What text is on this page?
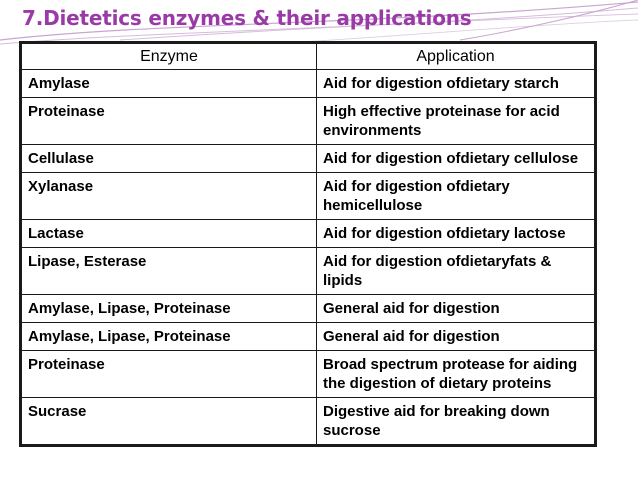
7.Dietetics enzymes & their applications
Enzyme	Application
Amylase	Aid for digestion ofdietary starch
Proteinase	High effective proteinase for acid environments
Cellulase	Aid for digestion ofdietary cellulose
Xylanase	Aid for digestion ofdietary hemicellulose
Lactase	Aid for digestion ofdietary lactose
Lipase, Esterase	Aid for digestion ofdietaryfats & lipids
Amylase, Lipase, Proteinase	General aid for digestion
Amylase, Lipase, Proteinase	General aid for digestion
Proteinase	Broad spectrum protease for aiding the digestion of dietary proteins
Sucrase	Digestive aid for breaking down sucrose
